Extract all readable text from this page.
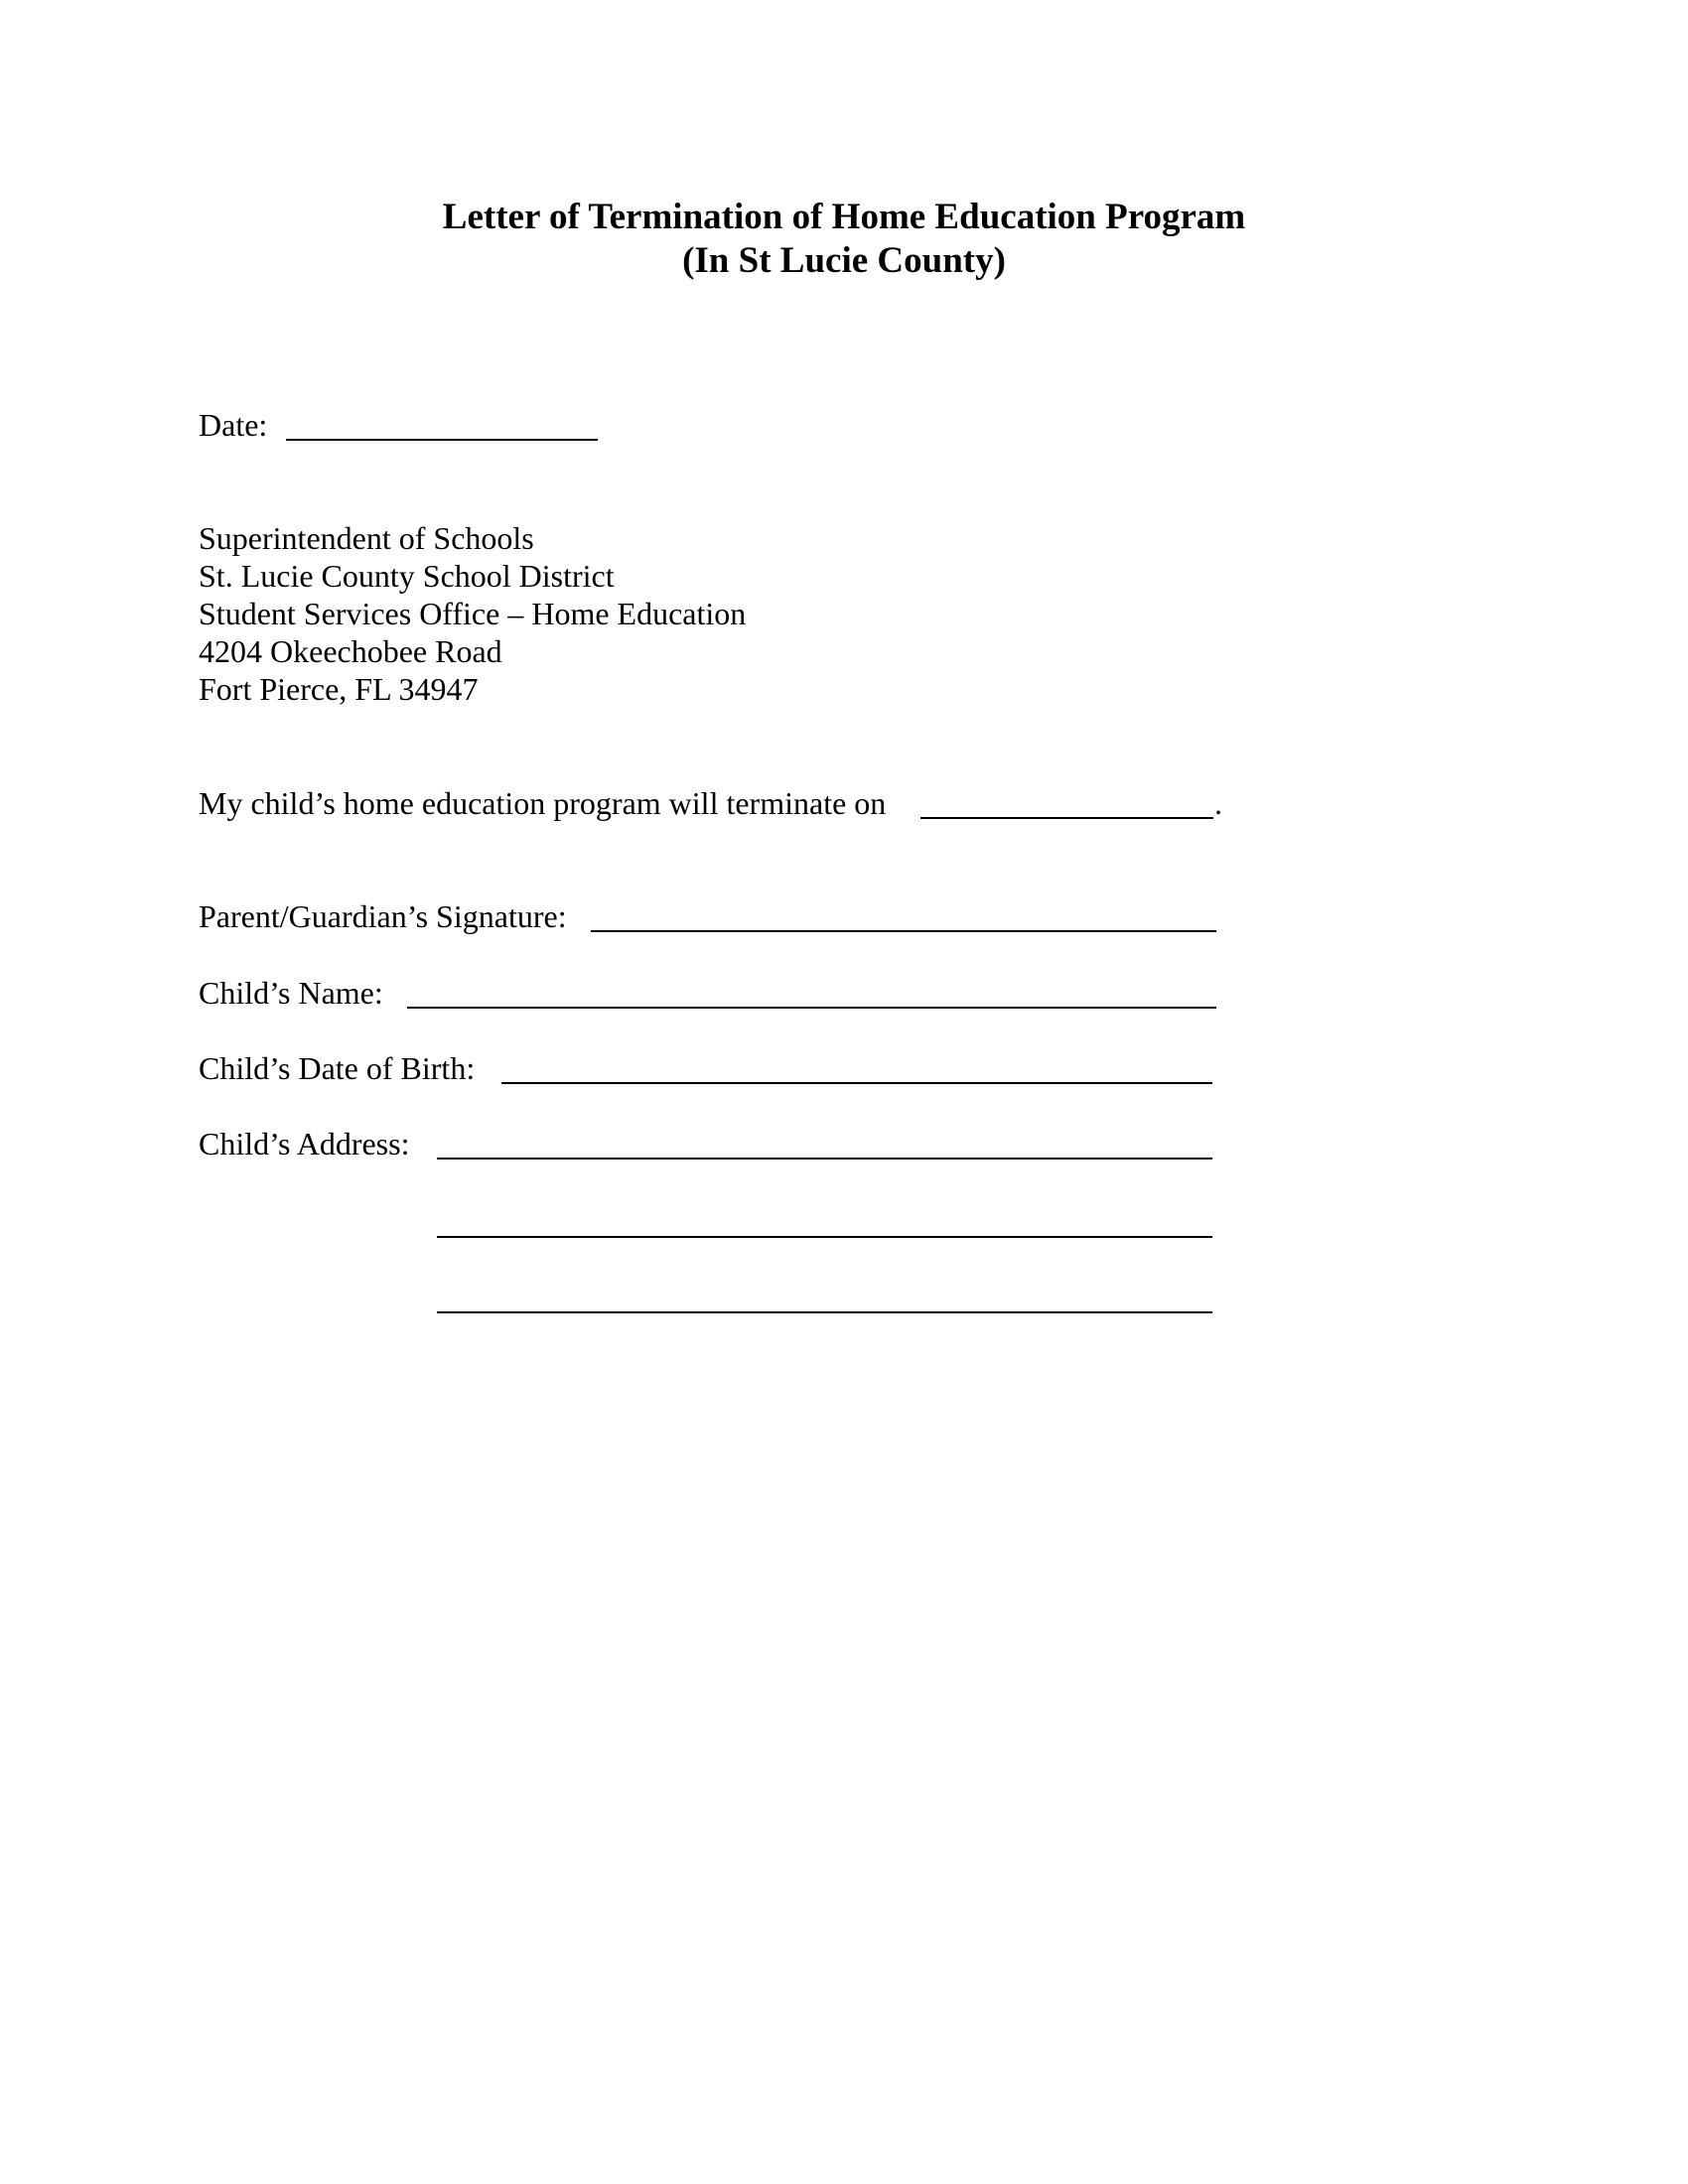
Letter of Termination of Home Education Program
(In St Lucie County)
Date:
Superintendent of Schools
St. Lucie County School District
Student Services Office – Home Education
4204 Okeechobee Road
Fort Pierce, FL 34947
My child’s home education program will terminate on	.
Parent/Guardian’s Signature:
Child’s Name:
Child’s Date of Birth:
Child’s Address:
